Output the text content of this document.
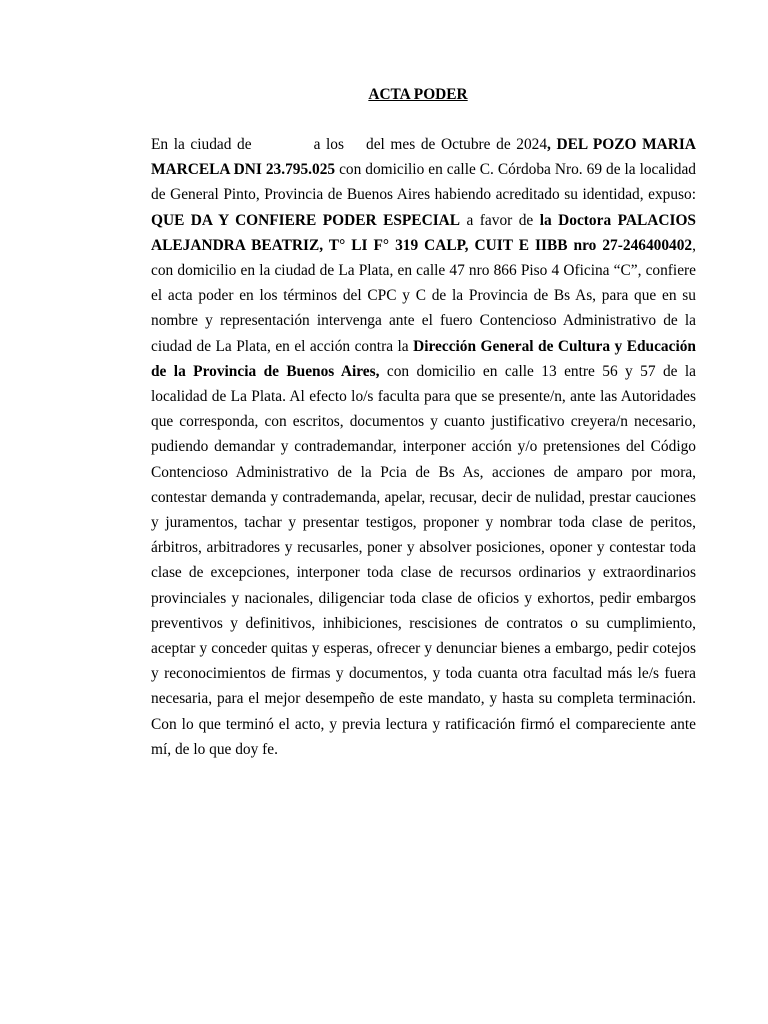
ACTA PODER

En la ciudad de	a los del mes de Octubre de 2024, DEL POZO MARIA MARCELA DNI 23.795.025 con domicilio en calle C. Córdoba Nro. 69 de la localidad de General Pinto, Provincia de Buenos Aires habiendo acreditado su identidad, expuso: QUE DA Y CONFIERE PODER ESPECIAL a favor de la Doctora PALACIOS ALEJANDRA BEATRIZ, T° LI F° 319 CALP, CUIT E IIBB nro 27-246400402, con domicilio en la ciudad de La Plata, en calle 47 nro 866 Piso 4 Oficina “C”, confiere el acta poder en los términos del CPC y C de la Provincia de Bs As, para que en su nombre y representación intervenga ante el fuero Contencioso Administrativo de la ciudad de La Plata, en el acción contra la Dirección General de Cultura y Educación de la Provincia de Buenos Aires, con domicilio en calle 13 entre 56 y 57 de la localidad de La Plata. Al efecto lo/s faculta para que se presente/n, ante las Autoridades que corresponda, con escritos, documentos y cuanto justificativo creyera/n necesario, pudiendo demandar y contrademandar, interponer acción y/o pretensiones del Código Contencioso Administrativo de la Pcia de Bs As, acciones de amparo por mora, contestar demanda y contrademanda, apelar, recusar, decir de nulidad, prestar cauciones y juramentos, tachar y presentar testigos, proponer y nombrar toda clase de peritos, árbitros, arbitradores y recusarles, poner y absolver posiciones, oponer y contestar toda clase de excepciones, interponer toda clase de recursos ordinarios y extraordinarios provinciales y nacionales, diligenciar toda clase de oficios y exhortos, pedir embargos preventivos y definitivos, inhibiciones, rescisiones de contratos o su cumplimiento, aceptar y conceder quitas y esperas, ofrecer y denunciar bienes a embargo, pedir cotejos y reconocimientos de firmas y documentos, y toda cuanta otra facultad más le/s fuera necesaria, para el mejor desempeño de este mandato, y hasta su completa terminación. Con lo que terminó el acto, y previa lectura y ratificación firmó el compareciente ante mí, de lo que doy fe.
